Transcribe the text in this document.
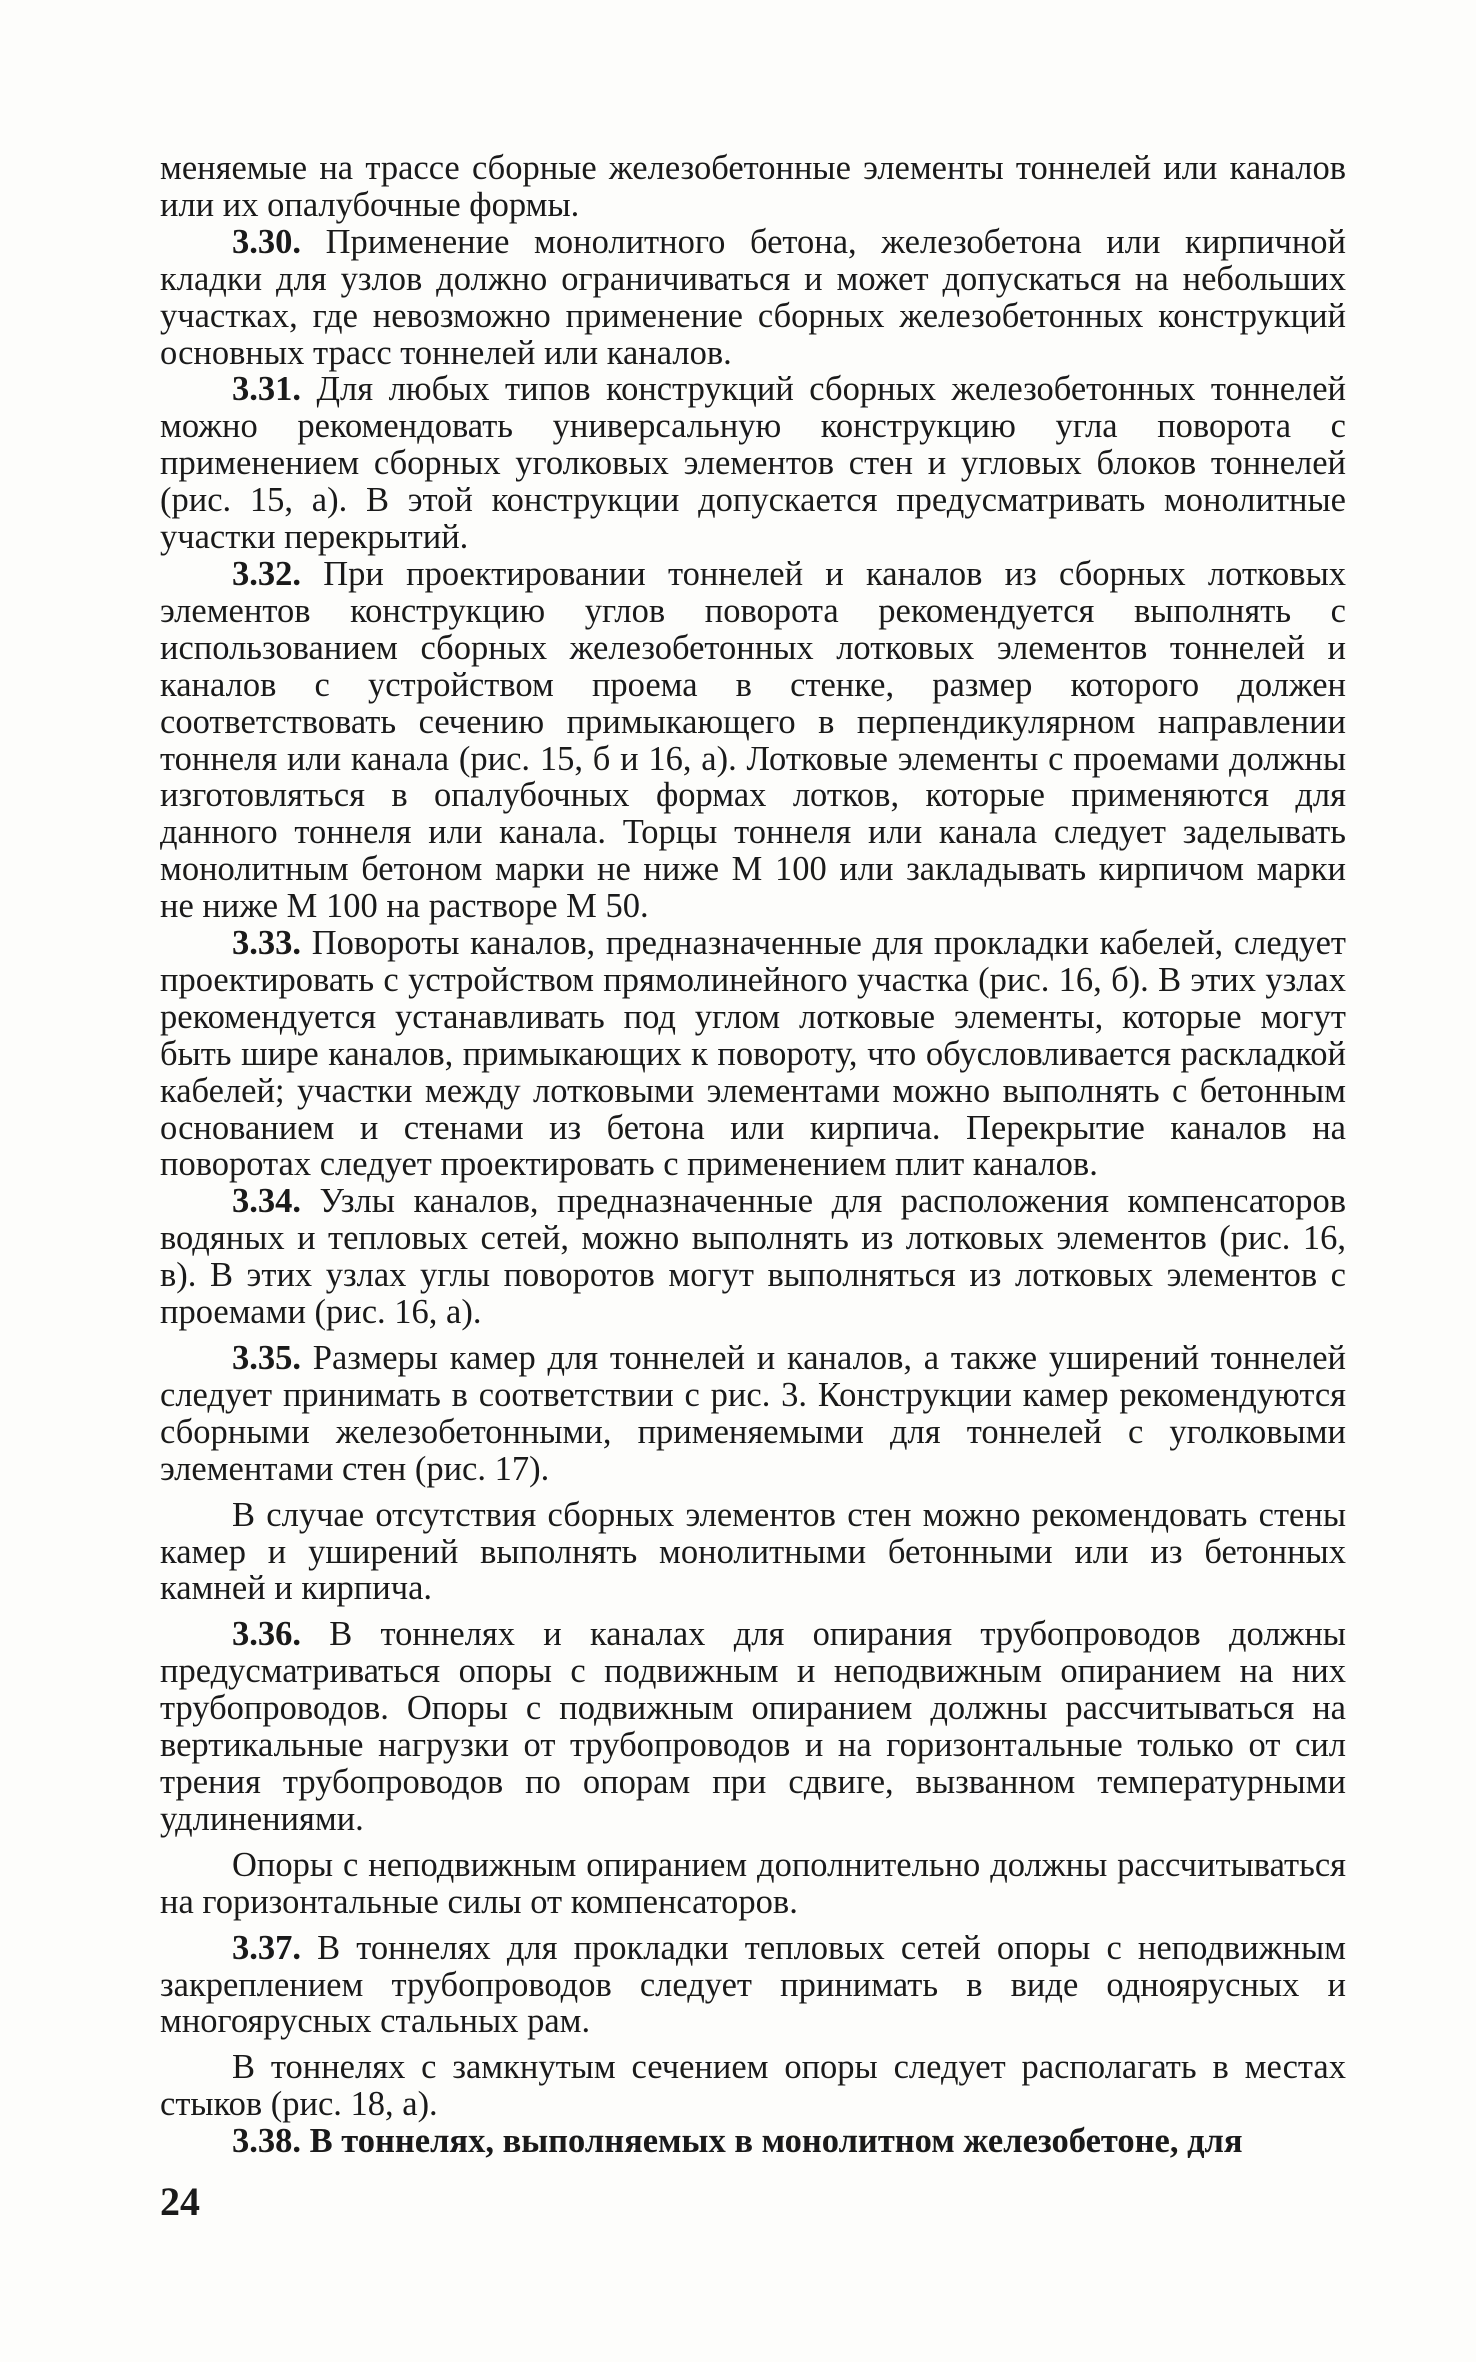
меняемые на трассе сборные железобетонные элементы тоннелей или каналов или их опалубочные формы.

3.30. Применение монолитного бетона, железобетона или кирпичной кладки для узлов должно ограничиваться и может допускаться на небольших участках, где невозможно применение сборных железобетонных конструкций основных трасс тоннелей или каналов.

3.31. Для любых типов конструкций сборных железобетонных тоннелей можно рекомендовать универсальную конструкцию угла поворота с применением сборных уголковых элементов стен и угловых блоков тоннелей (рис. 15, а). В этой конструкции допускается предусматривать монолитные участки перекрытий.

3.32. При проектировании тоннелей и каналов из сборных лотковых элементов конструкцию углов поворота рекомендуется выполнять с использованием сборных железобетонных лотковых элементов тоннелей и каналов с устройством проема в стенке, размер которого должен соответствовать сечению примыкающего в перпендикулярном направлении тоннеля или канала (рис. 15, б и 16, а). Лотковые элементы с проемами должны изготовляться в опалубочных формах лотков, которые применяются для данного тоннеля или канала. Торцы тоннеля или канала следует заделывать монолитным бетоном марки не ниже М 100 или закладывать кирпичом марки не ниже М 100 на растворе М 50.

3.33. Повороты каналов, предназначенные для прокладки кабелей, следует проектировать с устройством прямолинейного участка (рис. 16, б). В этих узлах рекомендуется устанавливать под углом лотковые элементы, которые могут быть шире каналов, примыкающих к повороту, что обусловливается раскладкой кабелей; участки между лотковыми элементами можно выполнять с бетонным основанием и стенами из бетона или кирпича. Перекрытие каналов на поворотах следует проектировать с применением плит каналов.

3.34. Узлы каналов, предназначенные для расположения компенсаторов водяных и тепловых сетей, можно выполнять из лотковых элементов (рис. 16, в). В этих узлах углы поворотов могут выполняться из лотковых элементов с проемами (рис. 16, а).

3.35. Размеры камер для тоннелей и каналов, а также уширений тоннелей следует принимать в соответствии с рис. 3. Конструкции камер рекомендуются сборными железобетонными, применяемыми для тоннелей с уголковыми элементами стен (рис. 17).

В случае отсутствия сборных элементов стен можно рекомендовать стены камер и уширений выполнять монолитными бетонными или из бетонных камней и кирпича.

3.36. В тоннелях и каналах для опирания трубопроводов должны предусматриваться опоры с подвижным и неподвижным опиранием на них трубопроводов. Опоры с подвижным опиранием должны рассчитываться на вертикальные нагрузки от трубопроводов и на горизонтальные только от сил трения трубопроводов по опорам при сдвиге, вызванном температурными удлинениями.

Опоры с неподвижным опиранием дополнительно должны рассчитываться на горизонтальные силы от компенсаторов.

3.37. В тоннелях для прокладки тепловых сетей опоры с неподвижным закреплением трубопроводов следует принимать в виде одноярусных и многоярусных стальных рам.

В тоннелях с замкнутым сечением опоры следует располагать в местах стыков (рис. 18, а).

3.38. В тоннелях, выполняемых в монолитном железобетоне, для

24
